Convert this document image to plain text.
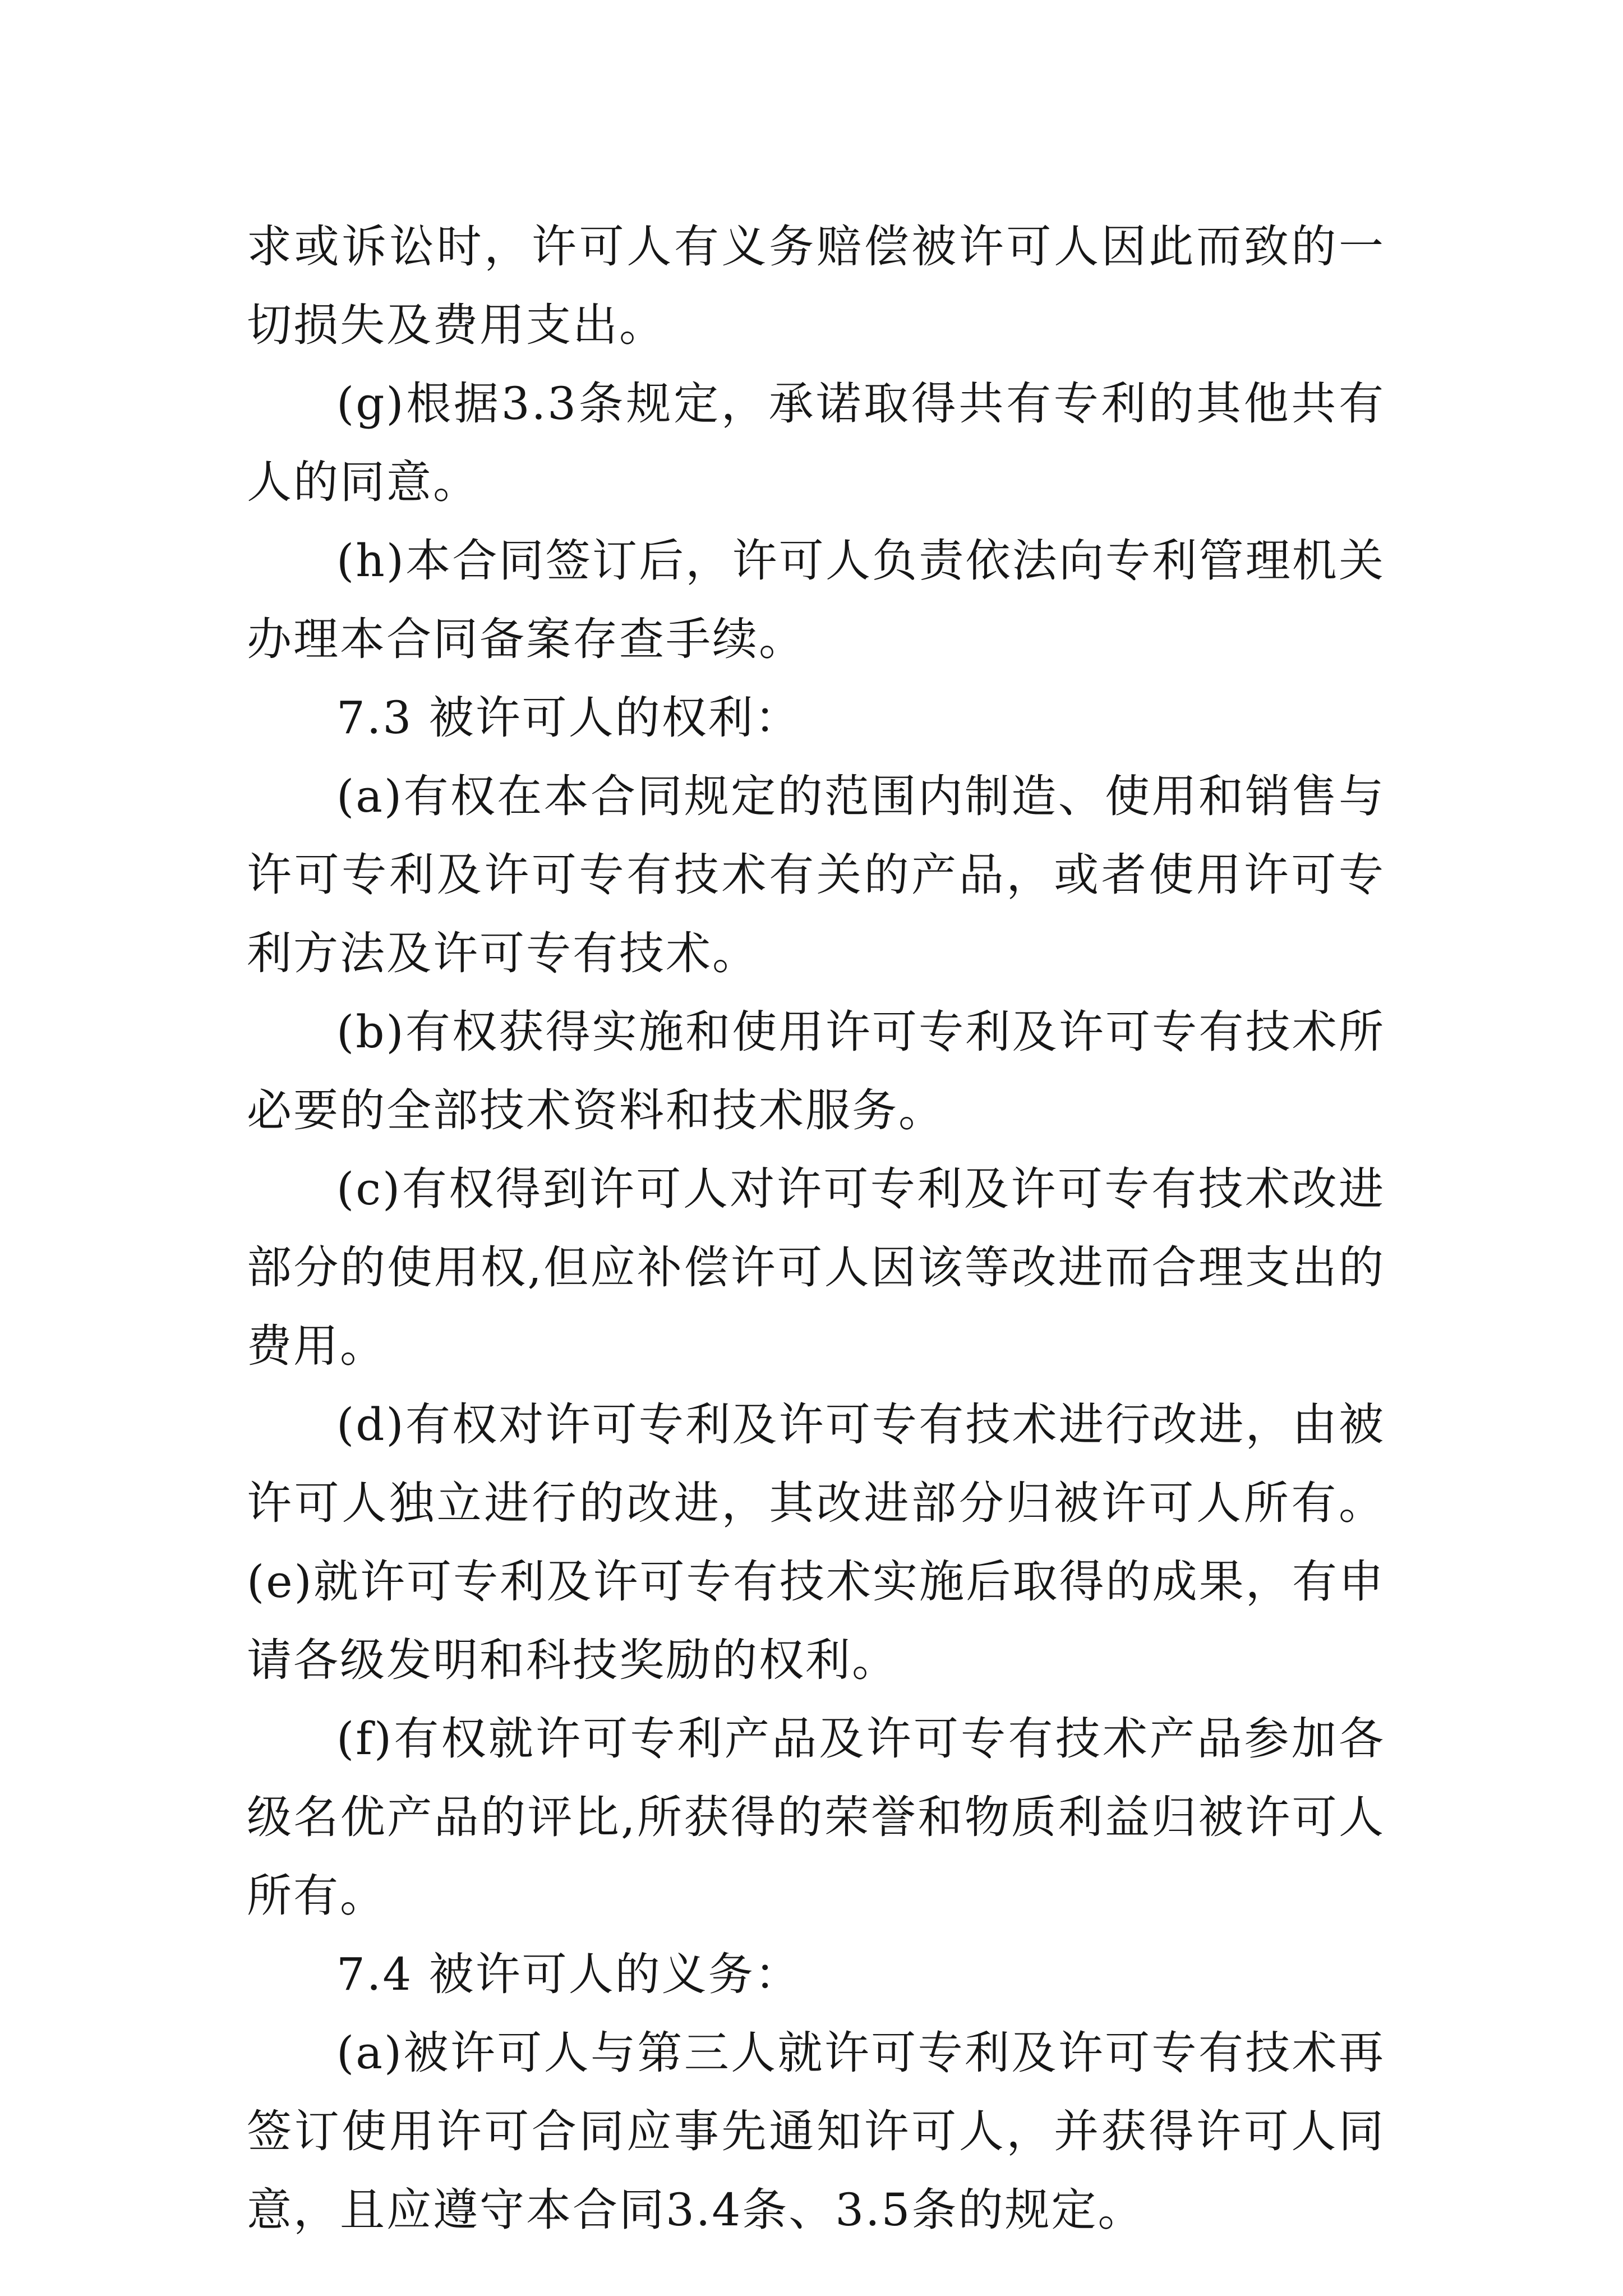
求或诉讼时，许可人有义务赔偿被许可人因此而致的一切损失及费用支出。

(g)根据3.3条规定，承诺取得共有专利的其他共有人的同意。

(h)本合同签订后，许可人负责依法向专利管理机关办理本合同备案存查手续。

7.3 被许可人的权利：

(a)有权在本合同规定的范围内制造、使用和销售与许可专利及许可专有技术有关的产品，或者使用许可专利方法及许可专有技术。

(b)有权获得实施和使用许可专利及许可专有技术所必要的全部技术资料和技术服务。

(c)有权得到许可人对许可专利及许可专有技术改进部分的使用权,但应补偿许可人因该等改进而合理支出的费用。

(d)有权对许可专利及许可专有技术进行改进，由被许可人独立进行的改进，其改进部分归被许可人所有。 (e)就许可专利及许可专有技术实施后取得的成果，有申请各级发明和科技奖励的权利。

(f)有权就许可专利产品及许可专有技术产品参加各级名优产品的评比,所获得的荣誉和物质利益归被许可人所有。

7.4 被许可人的义务：

(a)被许可人与第三人就许可专利及许可专有技术再签订使用许可合同应事先通知许可人，并获得许可人同意，且应遵守本合同3.4条、3.5条的规定。
